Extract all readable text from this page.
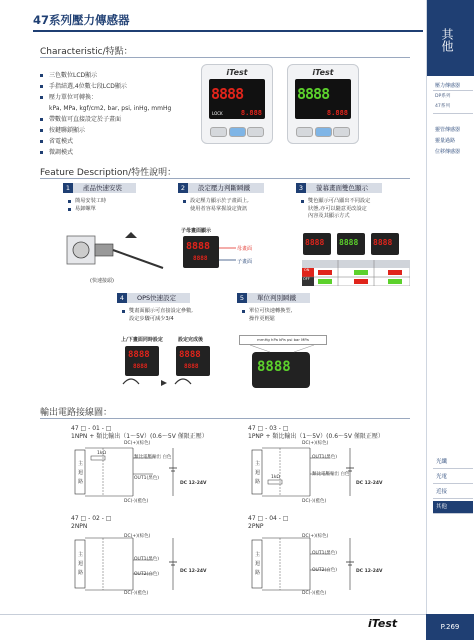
47系列壓力傳感器
Characteristic/特點：
三色數位LCD顯示
手指結選,4位數七段LCD顯示
壓力單位可轉換：
kPa, MPa, kgf/cm2, bar, psi, inHg, mmHg
帶數值可直接設定於子畫面
按鍵聯鎖顯示
省電模式
微調模式
iTest
8888
LOCK	8.888
iTest
8888
8.888
Feature Description/特性說明：
1 產品快速安裝
簡易安裝工時
易卸螺單
(快速接頭)
2 設定壓力判斷瞬鐵
設定壓力顯示於子畫面上,
使用者容易掌握設定資訊
子母畫面顯示
8888
8888
母畫面
子畫面
3 螢幕畫面雙色顯示
雙色顯示可凸顯出不同設定
狀態,亦可以隨意更改設定
內容及其顯示方式
8888 8888 8888
ON
OFF
4 OPS快速設定
雙畫面顯示可直接設定參數,
設定步驟可減少3/4
上/下畫面同時設定	設定完成後
8888
8888
8888
8888
5 單位判別瞬鐵
單位可快速轉換型,
操作更輕鬆
mmHg hPa kPa psi bar MPa
8888
輸出電路接線圖：
47 □ - 01 - □
1NPN + 類比輸出（1～5V）(0.6～5V 僅限正壓）
1kΩ
DC(+)(棕色)
類比電壓輸出 白色
OUT1(黑色)
DC(-)(藍色)
DC 12-24V
主
迴
路
47 □ - 03 - □
1PNP + 類比輸出（1～5V）(0.6～5V 僅限正壓）
1kΩ
DC(+)(棕色)
OUT1(黑色)
類比電壓輸出 白色
DC(-)(藍色)
DC 12-24V
主
迴
路
47 □ - 02 - □
2NPN
DC(+)(棕色)
OUT1(黑色)
OUT2(白色)
DC(-)(藍色)
DC 12-24V
主
迴
路
47 □ - 04 - □
2PNP
DC(+)(棕色)
OUT1(黑色)
OUT2(白色)
DC(-)(藍色)
DC 12-24V
主
迴
路
iTest
其他
壓力傳感器
DP系列
47系列
靈管傳感器
靈量過路
位移傳感器
光纖
光電
近接
其他
P.269
